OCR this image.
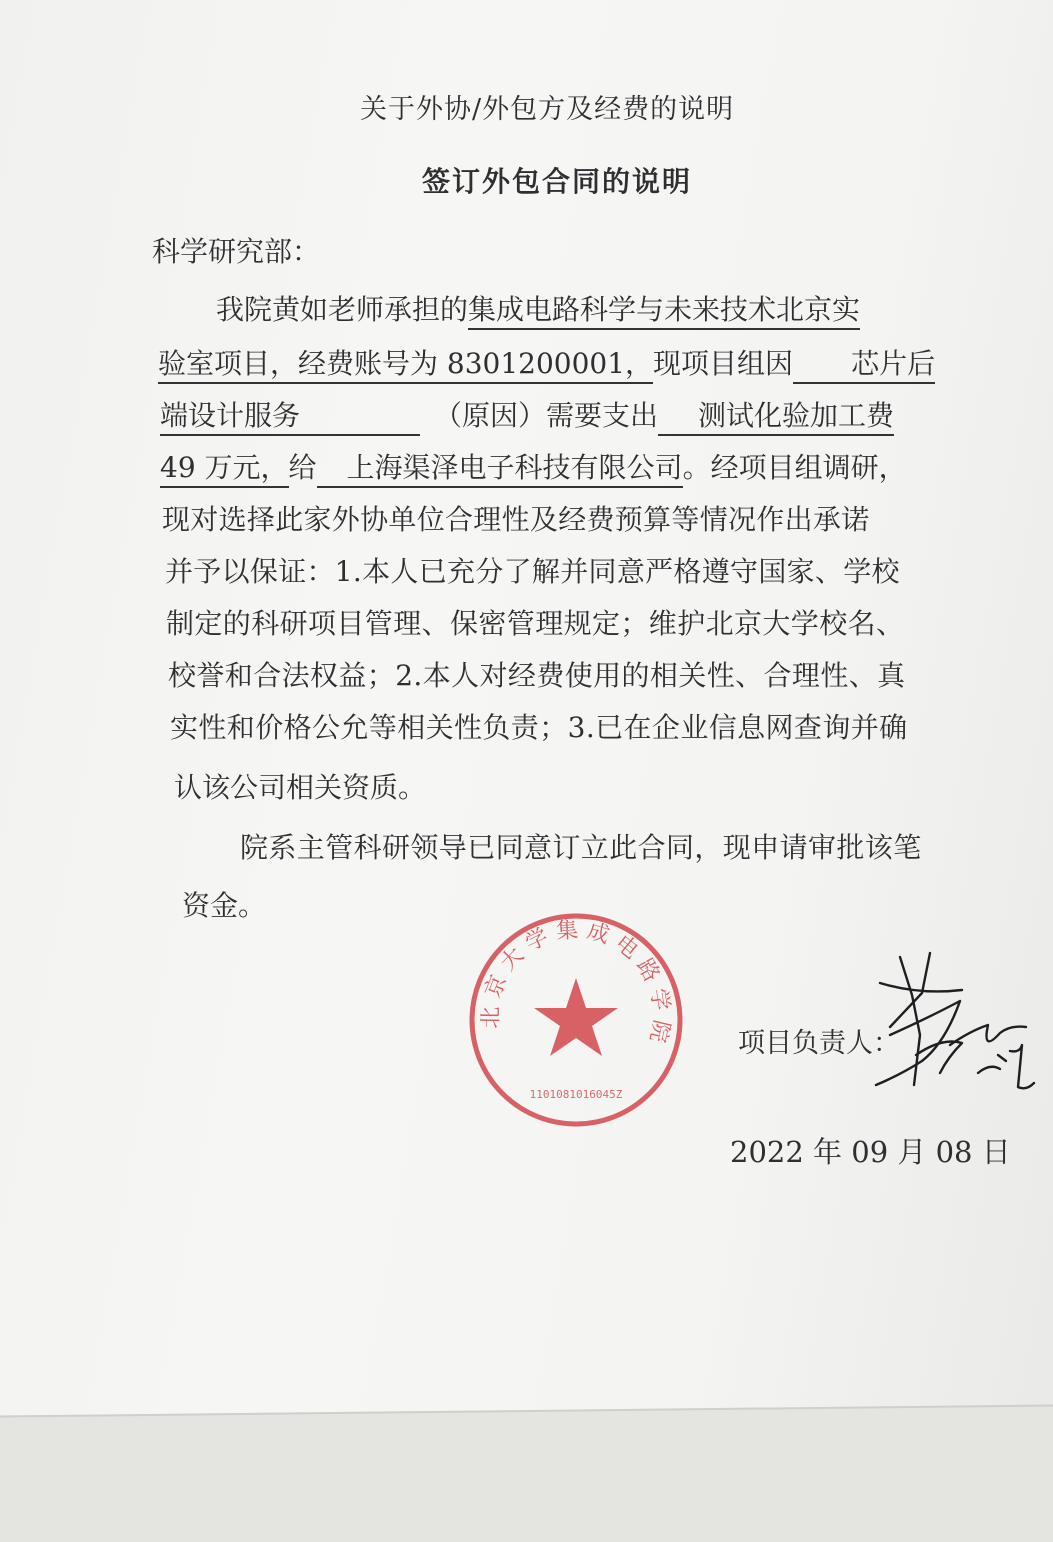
关于外协/外包方及经费的说明
签订外包合同的说明
科学研究部：
我院黄如老师承担的集成电路科学与未来技术北京实
验室项目，经费账号为 8301200001，现项目组因 芯片后
端设计服务	（原因）需要支出 测试化验加工费
49 万元，给 上海渠泽电子科技有限公司。经项目组调研，
现对选择此家外协单位合理性及经费预算等情况作出承诺
并予以保证：1.本人已充分了解并同意严格遵守国家、学校
制定的科研项目管理、保密管理规定；维护北京大学校名、
校誉和合法权益；2.本人对经费使用的相关性、合理性、真
实性和价格公允等相关性负责；3.已在企业信息网查询并确
认该公司相关资质。
院系主管科研领导已同意订立此合同，现申请审批该笔
资金。
北京大学集成电路学院
1101081016045Z
项目负责人：
2022 年 09 月 08 日
